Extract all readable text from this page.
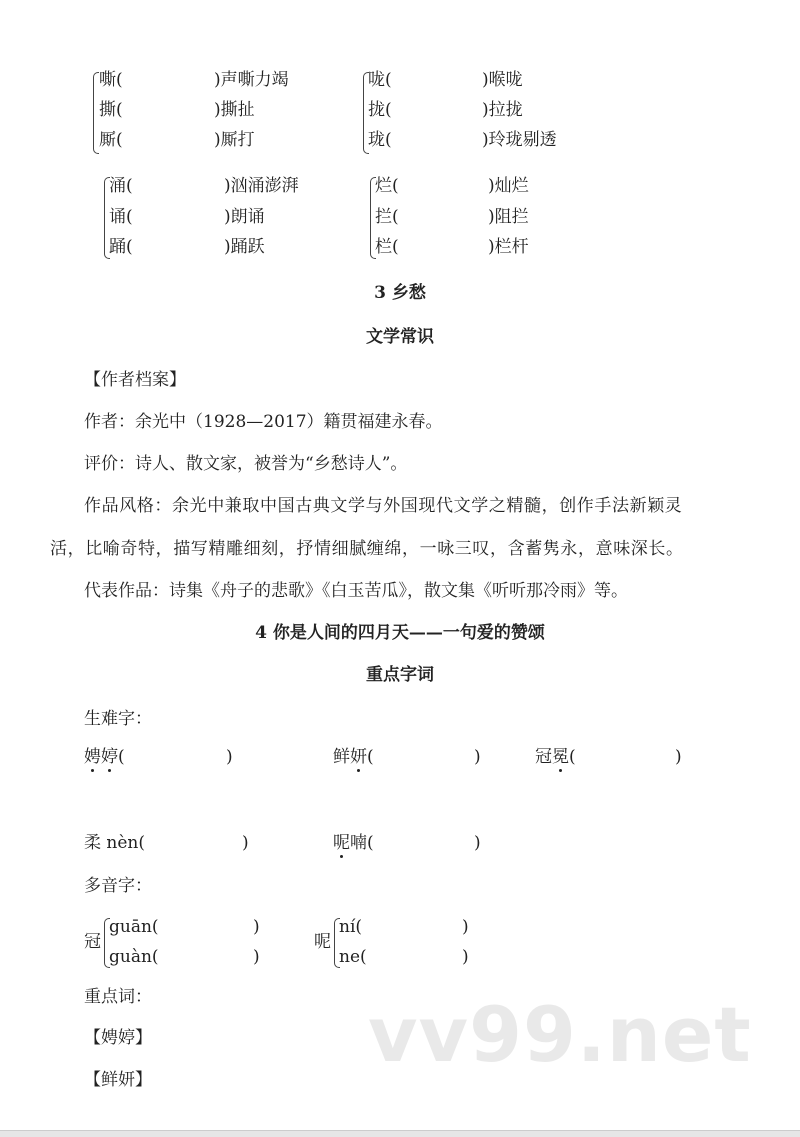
嘶(	)声嘶力竭
撕(	)撕扯
厮(	)厮打
咙(	)喉咙
拢(	)拉拢
珑(	)玲珑剔透
涌(	)汹涌澎湃
诵(	)朗诵
踊(	)踊跃
烂(	)灿烂
拦(	)阻拦
栏(	)栏杆
3 乡愁
文学常识
【作者档案】
作者：余光中（1928—2017）籍贯福建永春。
评价：诗人、散文家，被誉为“乡愁诗人”。
作品风格：余光中兼取中国古典文学与外国现代文学之精髓，创作手法新颖灵
活，比喻奇特，描写精雕细刻，抒情细腻缠绵，一咏三叹，含蓄隽永，意味深长。
代表作品：诗集《舟子的悲歌》《白玉苦瓜》，散文集《听听那冷雨》等。
4 你是人间的四月天——一句爱的赞颂
重点字词
生难字：
娉婷(	)	鲜妍(	)	冠冕(	)
柔 nèn(	)	呢喃(	)
多音字：
冠
guān(	)
guàn(	)
呢
ní(	)
ne(	)
重点词：
【娉婷】
【鲜妍】
vv99.net
